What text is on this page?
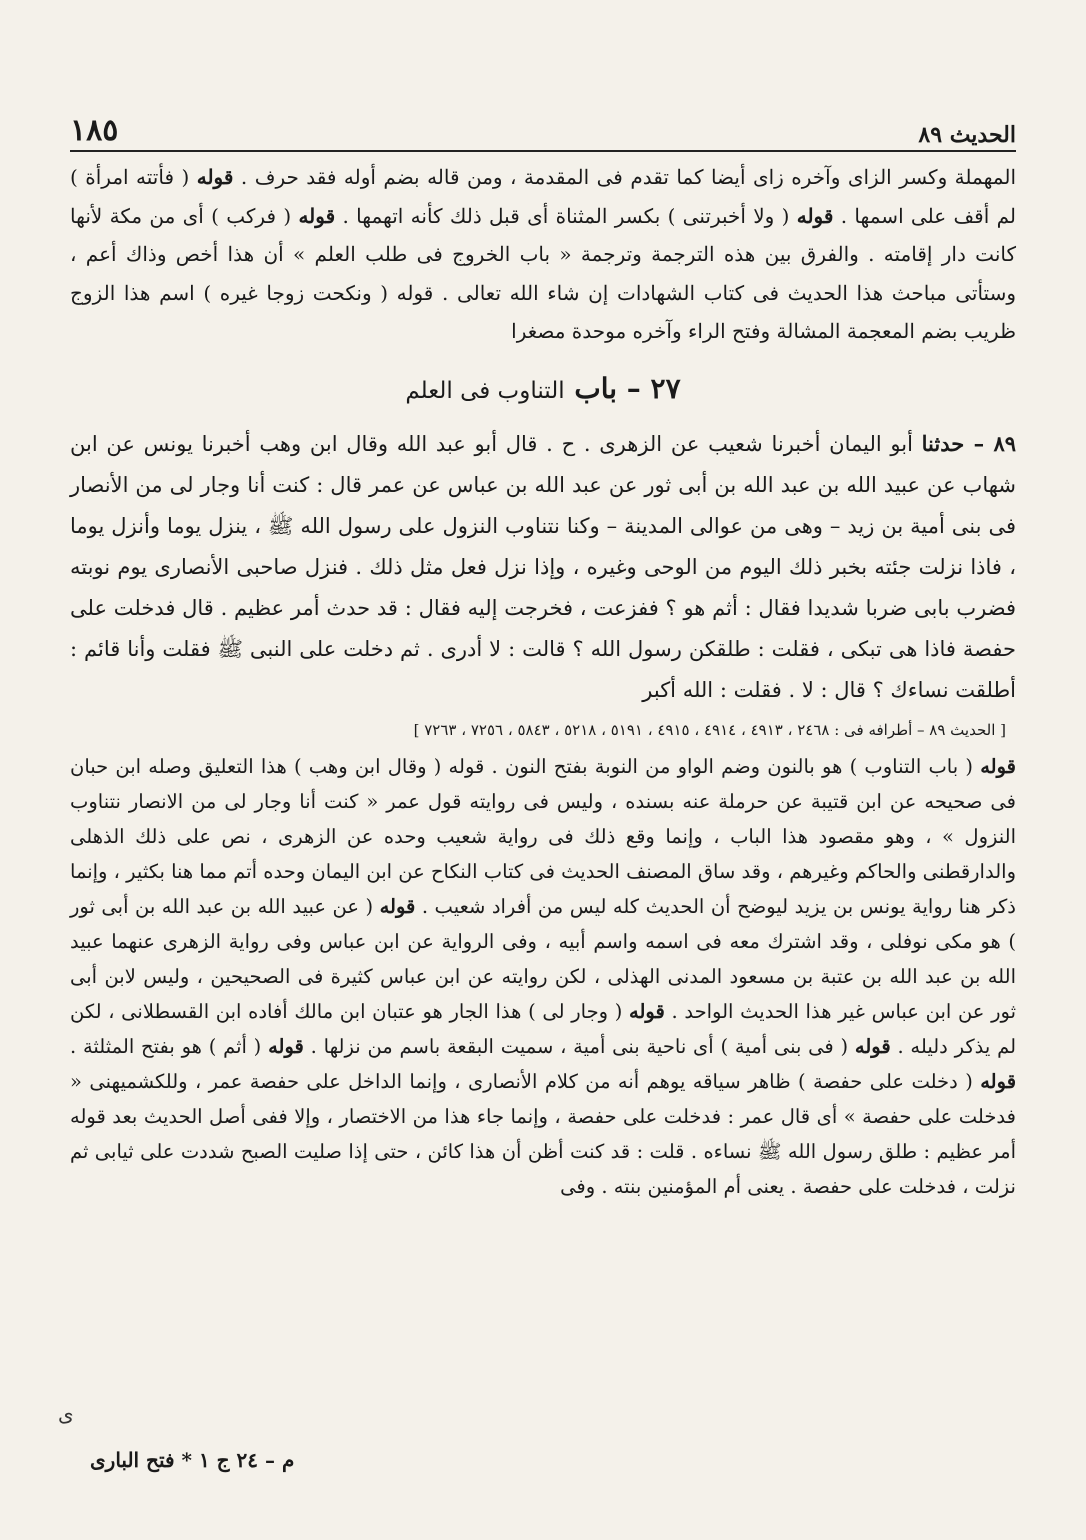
الحديث ٨٩
١٨٥

المهملة وكسر الزاى وآخره زاى أيضا كما تقدم فى المقدمة ، ومن قاله بضم أوله فقد حرف . قوله ( فأتته امرأة ) لم أقف على اسمها . قوله ( ولا أخبرتنى ) بكسر المثناة أى قبل ذلك كأنه اتهمها . قوله ( فركب ) أى من مكة لأنها كانت دار إقامته . والفرق بين هذه الترجمة وترجمة « باب الخروج فى طلب العلم » أن هذا أخص وذاك أعم ، وستأتى مباحث هذا الحديث فى كتاب الشهادات إن شاء الله تعالى . قوله ( ونكحت زوجا غيره ) اسم هذا الزوج ظريب بضم المعجمة المشالة وفتح الراء وآخره موحدة مصغرا

٢٧ – باب التناوب فى العلم

٨٩ – حدثنا أبو اليمان أخبرنا شعيب عن الزهرى . ح . قال أبو عبد الله وقال ابن وهب أخبرنا يونس عن ابن شهاب عن عبيد الله بن عبد الله بن أبى ثور عن عبد الله بن عباس عن عمر قال : كنت أنا وجار لى من الأنصار فى بنى أمية بن زيد – وهى من عوالى المدينة – وكنا نتناوب النزول على رسول الله ﷺ ، ينزل يوما وأنزل يوما ، فاذا نزلت جئته بخبر ذلك اليوم من الوحى وغيره ، وإذا نزل فعل مثل ذلك . فنزل صاحبى الأنصارى يوم نوبته فضرب بابى ضربا شديدا فقال : أثم هو ؟ ففزعت ، فخرجت إليه فقال : قد حدث أمر عظيم . قال فدخلت على حفصة فاذا هى تبكى ، فقلت : طلقكن رسول الله ؟ قالت : لا أدرى . ثم دخلت على النبى ﷺ فقلت وأنا قائم : أطلقت نساءك ؟ قال : لا . فقلت : الله أكبر

[ الحديث ٨٩ – أطرافه فى : ٢٤٦٨ ، ٤٩١٣ ، ٤٩١٤ ، ٤٩١٥ ، ٥١٩١ ، ٥٢١٨ ، ٥٨٤٣ ، ٧٢٥٦ ، ٧٢٦٣ ]

قوله ( باب التناوب ) هو بالنون وضم الواو من النوبة بفتح النون . قوله ( وقال ابن وهب ) هذا التعليق وصله ابن حبان فى صحيحه عن ابن قتيبة عن حرملة عنه بسنده ، وليس فى روايته قول عمر « كنت أنا وجار لى من الانصار نتناوب النزول » ، وهو مقصود هذا الباب ، وإنما وقع ذلك فى رواية شعيب وحده عن الزهرى ، نص على ذلك الذهلى والدارقطنى والحاكم وغيرهم ، وقد ساق المصنف الحديث فى كتاب النكاح عن ابن اليمان وحده أتم مما هنا بكثير ، وإنما ذكر هنا رواية يونس بن يزيد ليوضح أن الحديث كله ليس من أفراد شعيب . قوله ( عن عبيد الله بن عبد الله بن أبى ثور ) هو مكى نوفلى ، وقد اشترك معه فى اسمه واسم أبيه ، وفى الرواية عن ابن عباس وفى رواية الزهرى عنهما عبيد الله بن عبد الله بن عتبة بن مسعود المدنى الهذلى ، لكن روايته عن ابن عباس كثيرة فى الصحيحين ، وليس لابن أبى ثور عن ابن عباس غير هذا الحديث الواحد . قوله ( وجار لى ) هذا الجار هو عتبان ابن مالك أفاده ابن القسطلانى ، لكن لم يذكر دليله . قوله ( فى بنى أمية ) أى ناحية بنى أمية ، سميت البقعة باسم من نزلها . قوله ( أثم ) هو بفتح المثلثة . قوله ( دخلت على حفصة ) ظاهر سياقه يوهم أنه من كلام الأنصارى ، وإنما الداخل على حفصة عمر ، وللكشميهنى « فدخلت على حفصة » أى قال عمر : فدخلت على حفصة ، وإنما جاء هذا من الاختصار ، وإلا ففى أصل الحديث بعد قوله أمر عظيم : طلق رسول الله ﷺ نساءه . قلت : قد كنت أظن أن هذا كائن ، حتى إذا صليت الصبح شددت على ثيابى ثم نزلت ، فدخلت على حفصة . يعنى أم المؤمنين بنته . وفى

ى
م – ٢٤ ج ١ * فتح البارى
